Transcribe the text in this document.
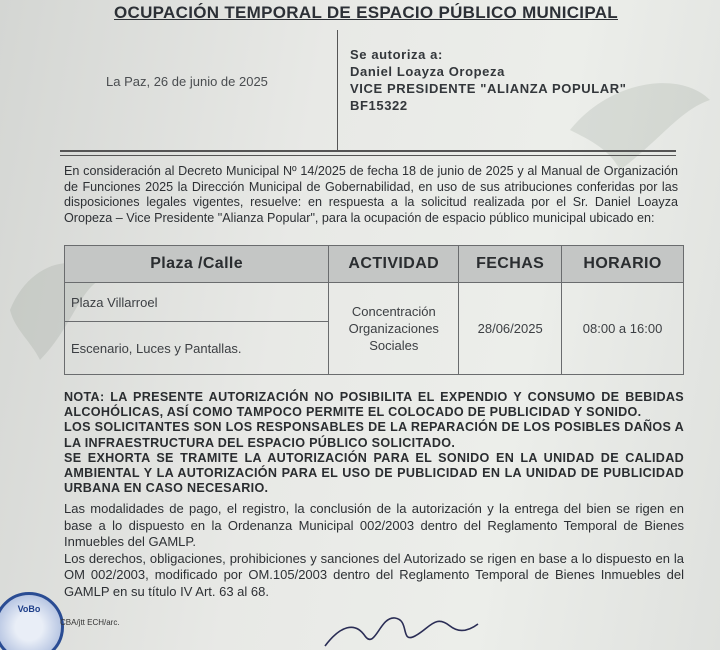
OCUPACIÓN TEMPORAL DE ESPACIO PÚBLICO MUNICIPAL
La Paz, 26 de junio de 2025
Se autoriza a:
Daniel Loayza Oropeza
VICE PRESIDENTE "ALIANZA POPULAR"
BF15322
En consideración al Decreto Municipal Nº 14/2025 de fecha 18 de junio de 2025 y al Manual de Organización de Funciones 2025 la Dirección Municipal de Gobernabilidad, en uso de sus atribuciones conferidas por las disposiciones legales vigentes, resuelve: en respuesta a la solicitud realizada por el Sr. Daniel Loayza Oropeza – Vice Presidente "Alianza Popular", para la ocupación de espacio público municipal ubicado en:
Plaza /Calle	ACTIVIDAD	FECHAS	HORARIO
Plaza Villarroel	Concentración Organizaciones Sociales	28/06/2025	08:00 a 16:00
Escenario, Luces y Pantallas.			
NOTA: LA PRESENTE AUTORIZACIÓN NO POSIBILITA EL EXPENDIO Y CONSUMO DE BEBIDAS ALCOHÓLICAS, ASÍ COMO TAMPOCO PERMITE EL COLOCADO DE PUBLICIDAD Y SONIDO.
LOS SOLICITANTES SON LOS RESPONSABLES DE LA REPARACIÓN DE LOS POSIBLES DAÑOS A LA INFRAESTRUCTURA DEL ESPACIO PÚBLICO SOLICITADO.
SE EXHORTA SE TRAMITE LA AUTORIZACIÓN PARA EL SONIDO EN LA UNIDAD DE CALIDAD AMBIENTAL Y LA AUTORIZACIÓN PARA EL USO DE PUBLICIDAD EN LA UNIDAD DE PUBLICIDAD URBANA EN CASO NECESARIO.
Las modalidades de pago, el registro, la conclusión de la autorización y la entrega del bien se rigen en base a lo dispuesto en la Ordenanza Municipal 002/2003 dentro del Reglamento Temporal de Bienes Inmuebles del GAMLP.
Los derechos, obligaciones, prohibiciones y sanciones del Autorizado se rigen en base a lo dispuesto en la OM 002/2003, modificado por OM.105/2003 dentro del Reglamento Temporal de Bienes Inmuebles del GAMLP en su título IV Art. 63 al 68.
VoBo
CBA/jtt ECH/arc.
